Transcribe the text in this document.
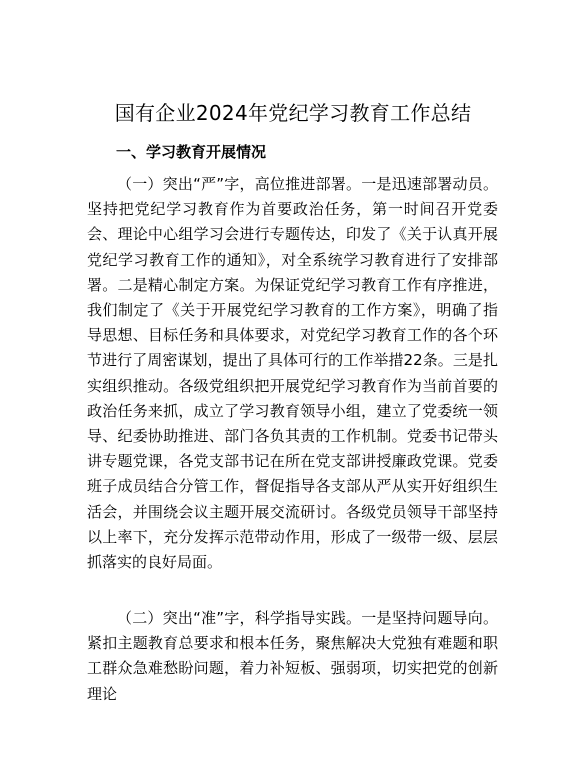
国有企业2024年党纪学习教育工作总结
一、学习教育开展情况

（一）突出“严”字，高位推进部署。一是迅速部署动员。坚持把党纪学习教育作为首要政治任务，第一时间召开党委会、理论中心组学习会进行专题传达，印发了《关于认真开展党纪学习教育工作的通知》，对全系统学习教育进行了安排部署。二是精心制定方案。为保证党纪学习教育工作有序推进，我们制定了《关于开展党纪学习教育的工作方案》，明确了指导思想、目标任务和具体要求，对党纪学习教育工作的各个环节进行了周密谋划，提出了具体可行的工作举措22条。三是扎实组织推动。各级党组织把开展党纪学习教育作为当前首要的政治任务来抓，成立了学习教育领导小组，建立了党委统一领导、纪委协助推进、部门各负其责的工作机制。党委书记带头讲专题党课，各党支部书记在所在党支部讲授廉政党课。党委班子成员结合分管工作，督促指导各支部从严从实开好组织生活会，并围绕会议主题开展交流研讨。各级党员领导干部坚持以上率下，充分发挥示范带动作用，形成了一级带一级、层层抓落实的良好局面。

（二）突出“准”字，科学指导实践。一是坚持问题导向。紧扣主题教育总要求和根本任务，聚焦解决大党独有难题和职工群众急难愁盼问题，着力补短板、强弱项，切实把党的创新理论
